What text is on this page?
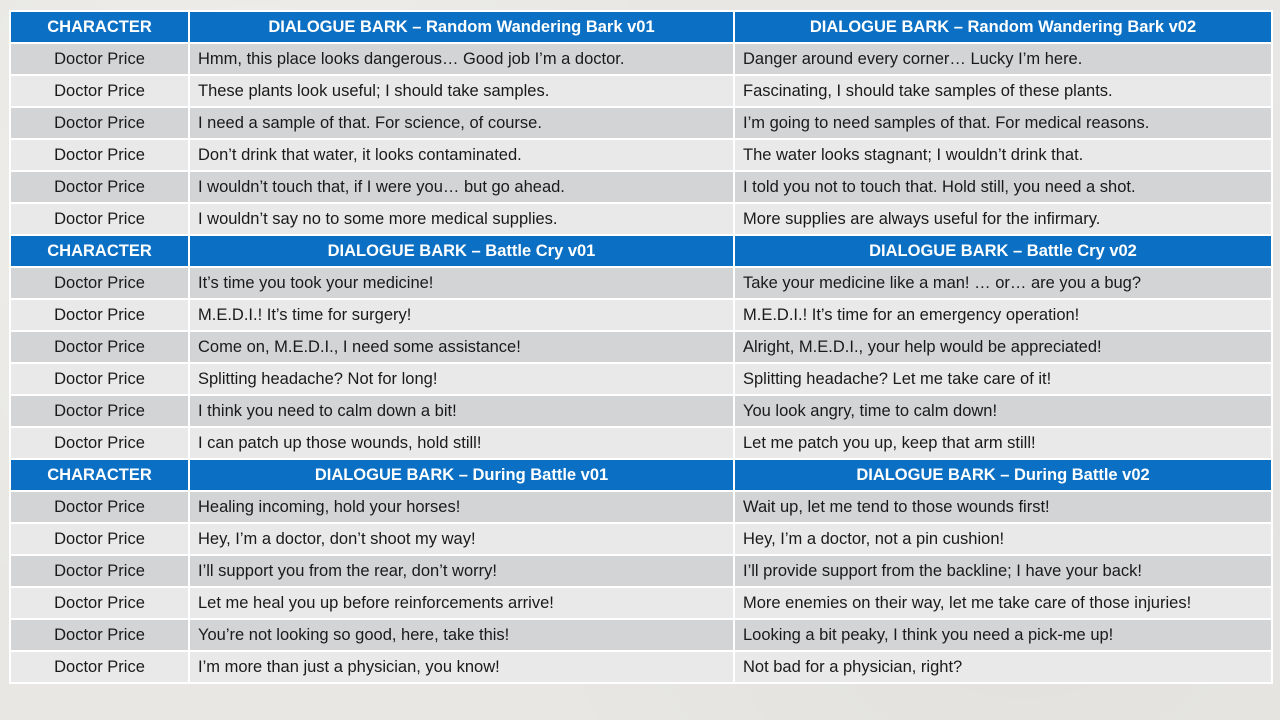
CHARACTER	DIALOGUE BARK – Random Wandering Bark v01	DIALOGUE BARK – Random Wandering Bark v02
Doctor Price	Hmm, this place looks dangerous… Good job I’m a doctor.	Danger around every corner… Lucky I’m here.
Doctor Price	These plants look useful; I should take samples.	Fascinating, I should take samples of these plants.
Doctor Price	I need a sample of that. For science, of course.	I’m going to need samples of that. For medical reasons.
Doctor Price	Don’t drink that water, it looks contaminated.	The water looks stagnant; I wouldn’t drink that.
Doctor Price	I wouldn’t touch that, if I were you… but go ahead.	I told you not to touch that. Hold still, you need a shot.
Doctor Price	I wouldn’t say no to some more medical supplies.	More supplies are always useful for the infirmary.
CHARACTER	DIALOGUE BARK – Battle Cry v01	DIALOGUE BARK – Battle Cry v02
Doctor Price	It’s time you took your medicine!	Take your medicine like a man! … or… are you a bug?
Doctor Price	M.E.D.I.! It’s time for surgery!	M.E.D.I.! It’s time for an emergency operation!
Doctor Price	Come on, M.E.D.I., I need some assistance!	Alright, M.E.D.I., your help would be appreciated!
Doctor Price	Splitting headache? Not for long!	Splitting headache? Let me take care of it!
Doctor Price	I think you need to calm down a bit!	You look angry, time to calm down!
Doctor Price	I can patch up those wounds, hold still!	Let me patch you up, keep that arm still!
CHARACTER	DIALOGUE BARK – During Battle v01	DIALOGUE BARK – During Battle v02
Doctor Price	Healing incoming, hold your horses!	Wait up, let me tend to those wounds first!
Doctor Price	Hey, I’m a doctor, don’t shoot my way!	Hey, I’m a doctor, not a pin cushion!
Doctor Price	I’ll support you from the rear, don’t worry!	I’ll provide support from the backline; I have your back!
Doctor Price	Let me heal you up before reinforcements arrive!	More enemies on their way, let me take care of those injuries!
Doctor Price	You’re not looking so good, here, take this!	Looking a bit peaky, I think you need a pick-me up!
Doctor Price	I’m more than just a physician, you know!	Not bad for a physician, right?
